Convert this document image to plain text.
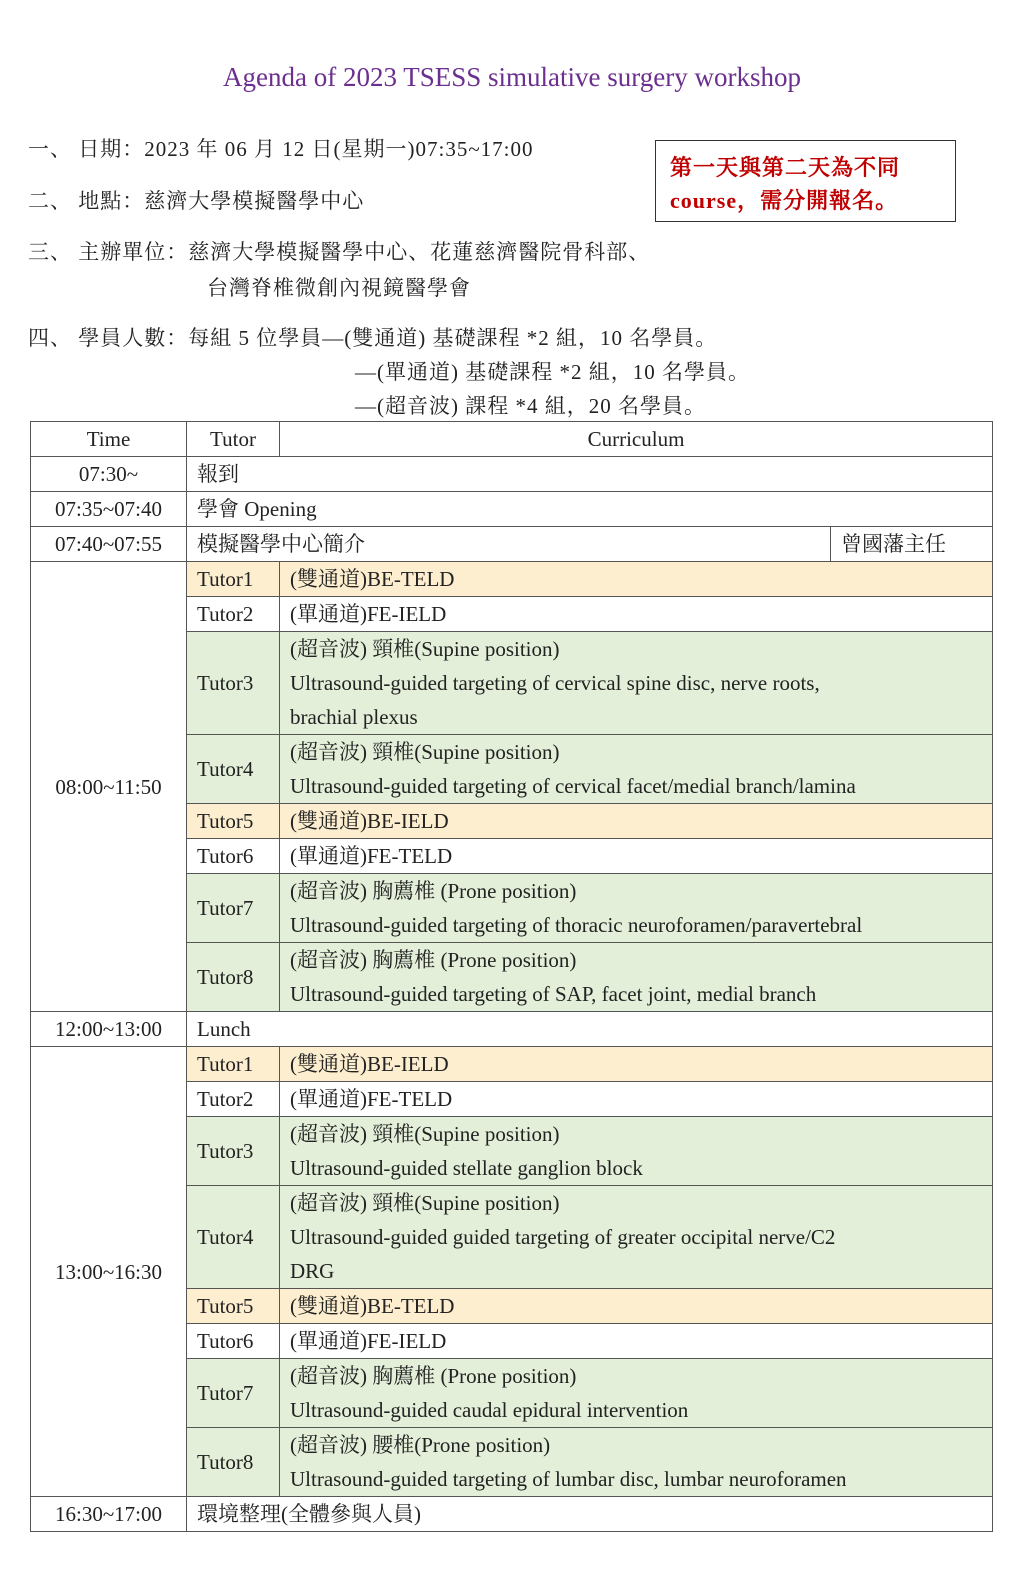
Agenda of 2023 TSESS simulative surgery workshop
一、 日期：2023 年 06 月 12 日(星期一)07:35~17:00
二、 地點：慈濟大學模擬醫學中心
三、 主辦單位：慈濟大學模擬醫學中心、花蓮慈濟醫院骨科部、
台灣脊椎微創內視鏡醫學會
四、 學員人數：每組 5 位學員—(雙通道) 基礎課程 *2 組，10 名學員。
—(單通道) 基礎課程 *2 組，10 名學員。
—(超音波) 課程 *4 組，20 名學員。
第一天與第二天為不同
course，需分開報名。
Time	Tutor	Curriculum	
07:30~	報到		
07:35~07:40	學會 Opening		
07:40~07:55	模擬醫學中心簡介		曾國藩主任
08:00~11:50	Tutor1	(雙通道)BE-TELD	

	Tutor2	(單通道)FE-IELD	

	Tutor3	(超音波) 頸椎(Supine position)
Ultrasound-guided targeting of cervical spine disc, nerve roots,
brachial plexus	

	Tutor4	(超音波) 頸椎(Supine position)
Ultrasound-guided targeting of cervical facet/medial branch/lamina	

	Tutor5	(雙通道)BE-IELD	

	Tutor6	(單通道)FE-TELD	

	Tutor7	(超音波) 胸薦椎 (Prone position)
Ultrasound-guided targeting of thoracic neuroforamen/paravertebral	

	Tutor8	(超音波) 胸薦椎 (Prone position)
Ultrasound-guided targeting of SAP, facet joint, medial branch	

12:00~13:00	Lunch		
13:00~16:30	Tutor1	(雙通道)BE-IELD	

	Tutor2	(單通道)FE-TELD	

	Tutor3	(超音波) 頸椎(Supine position)
Ultrasound-guided stellate ganglion block	

	Tutor4	(超音波) 頸椎(Supine position)
Ultrasound-guided guided targeting of greater occipital nerve/C2
DRG	

	Tutor5	(雙通道)BE-TELD	

	Tutor6	(單通道)FE-IELD	

	Tutor7	(超音波) 胸薦椎 (Prone position)
Ultrasound-guided caudal epidural intervention	

	Tutor8	(超音波) 腰椎(Prone position)
Ultrasound-guided targeting of lumbar disc, lumbar neuroforamen	

16:30~17:00	環境整理(全體參與人員)		
